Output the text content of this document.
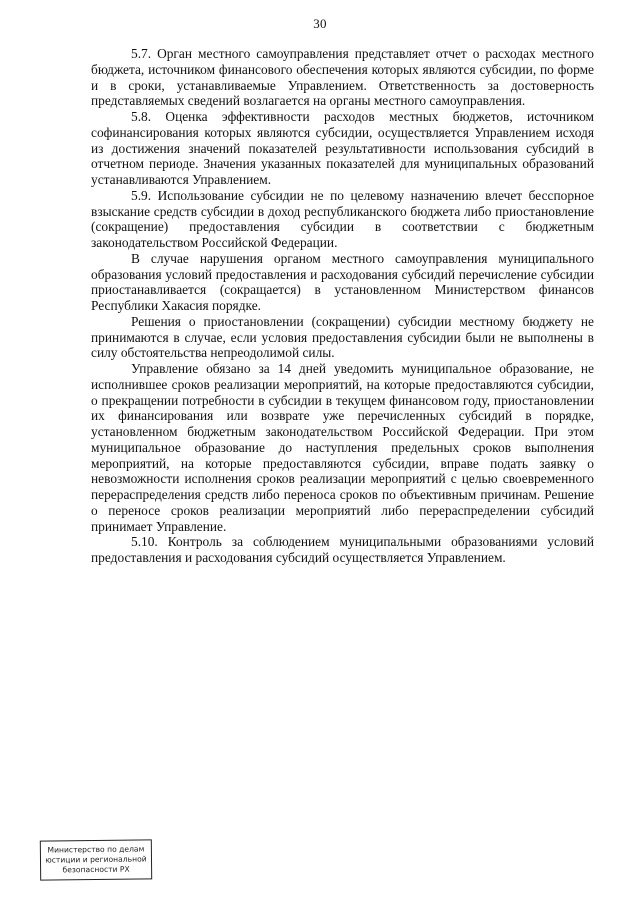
30

5.7. Орган местного самоуправления представляет отчет о расходах местного бюджета, источником финансового обеспечения которых являются субсидии, по форме и в сроки, устанавливаемые Управлением. Ответственность за достоверность представляемых сведений возлагается на органы местного самоуправления.

5.8. Оценка эффективности расходов местных бюджетов, источником софинансирования которых являются субсидии, осуществляется Управлением исходя из достижения значений показателей результативности использования субсидий в отчетном периоде. Значения указанных показателей для муниципальных образований устанавливаются Управлением.

5.9. Использование субсидии не по целевому назначению влечет бесспорное взыскание средств субсидии в доход республиканского бюджета либо приостановление (сокращение) предоставления субсидии в соответствии с бюджетным законодательством Российской Федерации.

В случае нарушения органом местного самоуправления муниципального образования условий предоставления и расходования субсидий перечисление субсидии приостанавливается (сокращается) в установленном Министерством финансов Республики Хакасия порядке.

Решения о приостановлении (сокращении) субсидии местному бюджету не принимаются в случае, если условия предоставления субсидии были не выполнены в силу обстоятельства непреодолимой силы.

Управление обязано за 14 дней уведомить муниципальное образование, не исполнившее сроков реализации мероприятий, на которые предоставляются субсидии, о прекращении потребности в субсидии в текущем финансовом году, приостановлении их финансирования или возврате уже перечисленных субсидий в порядке, установленном бюджетным законодательством Российской Федерации. При этом муниципальное образование до наступления предельных сроков выполнения мероприятий, на которые предоставляются субсидии, вправе подать заявку о невозможности исполнения сроков реализации мероприятий с целью своевременного перераспределения средств либо переноса сроков по объективным причинам. Решение о переносе сроков реализации мероприятий либо перераспределении субсидий принимает Управление.

5.10. Контроль за соблюдением муниципальными образованиями условий предоставления и расходования субсидий осуществляется Управлением.

Министерство по делам
юстиции и региональной
безопасности РХ
